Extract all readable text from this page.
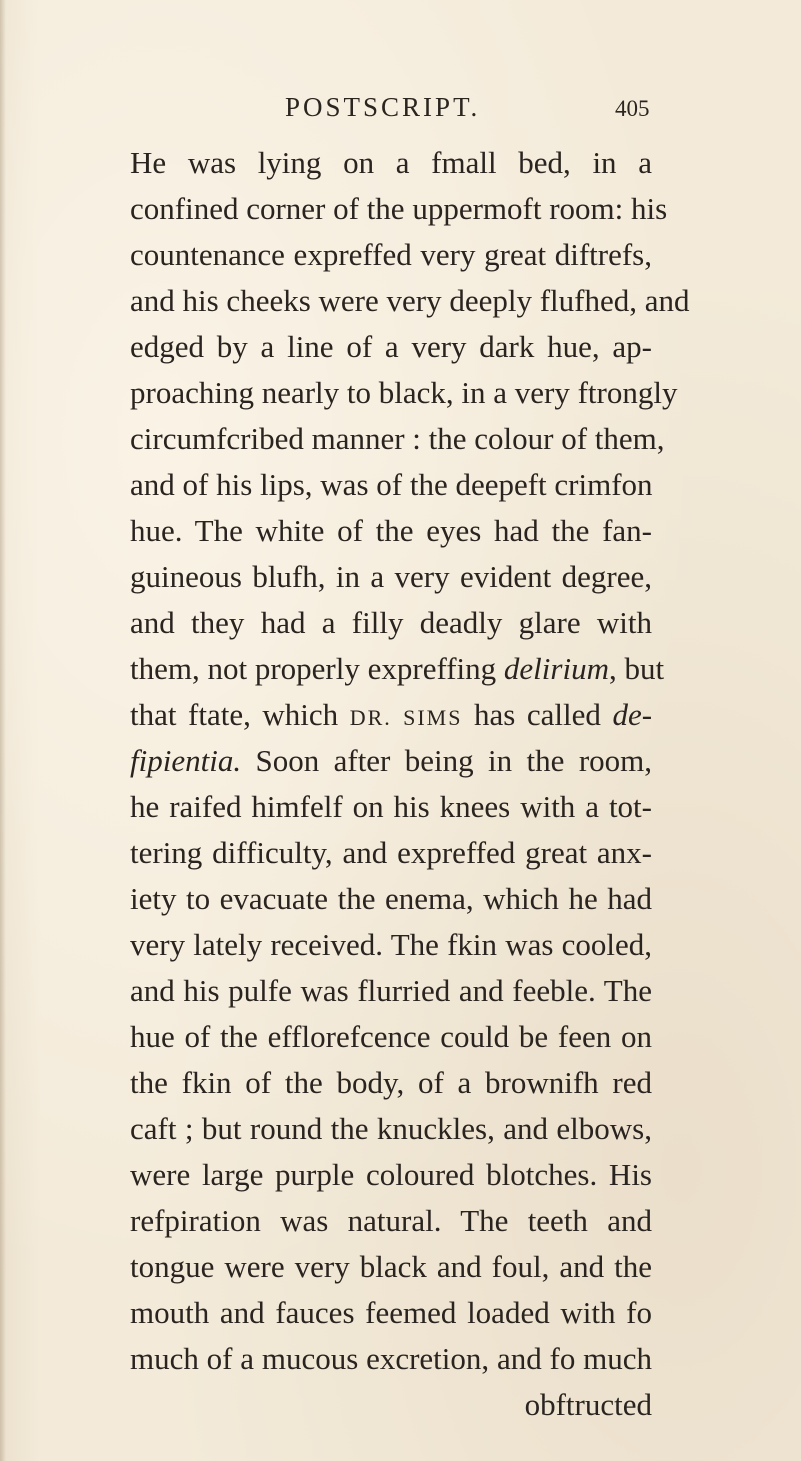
POSTSCRIPT.	405
He was lying on a fmall bed, in a
confined corner of the uppermoft room: his
countenance expreffed very great diftrefs,
and his cheeks were very deeply flufhed, and
edged by a line of a very dark hue, ap-
proaching nearly to black, in a very ftrongly
circumfcribed manner : the colour of them,
and of his lips, was of the deepeft crimfon
hue. The white of the eyes had the fan-
guineous blufh, in a very evident degree,
and they had a filly deadly glare with
them, not properly expreffing delirium, but
that ftate, which DR. SIMS has called de-
fipientia. Soon after being in the room,
he raifed himfelf on his knees with a tot-
tering difficulty, and expreffed great anx-
iety to evacuate the enema, which he had
very lately received. The fkin was cooled,
and his pulfe was flurried and feeble. The
hue of the efflorefcence could be feen on
the fkin of the body, of a brownifh red
caft ; but round the knuckles, and elbows,
were large purple coloured blotches. His
refpiration was natural. The teeth and
tongue were very black and foul, and the
mouth and fauces feemed loaded with fo
much of a mucous excretion, and fo much
obftructed
